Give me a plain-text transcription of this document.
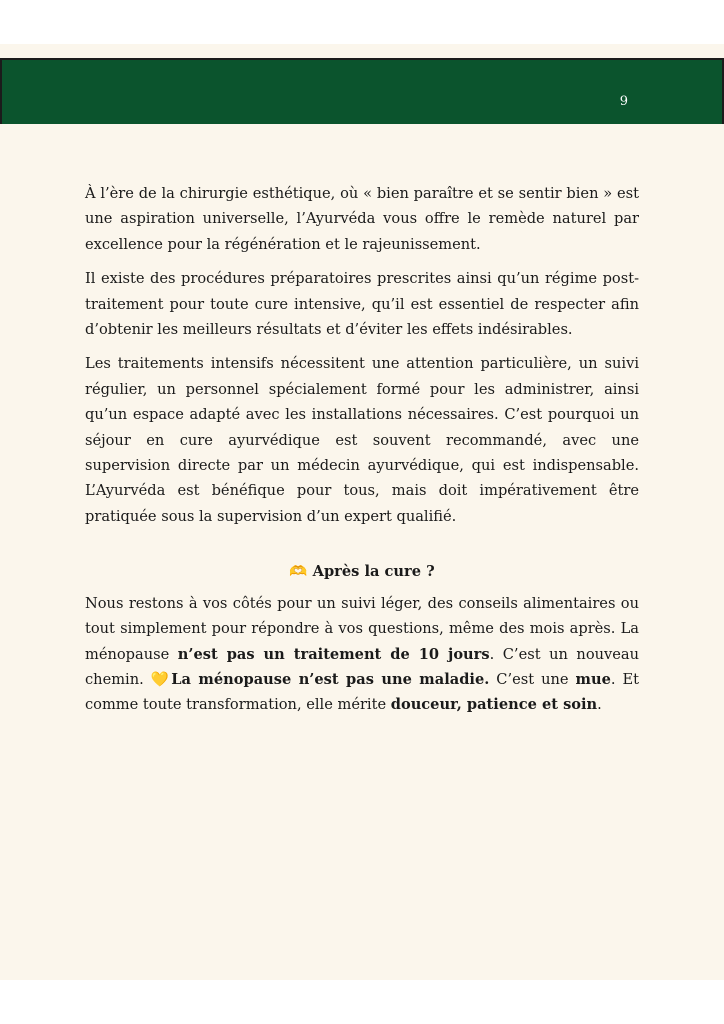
9

À l’ère de la chirurgie esthétique, où « bien paraître et se sentir bien » est une aspiration universelle, l’Ayurvéda vous offre le remède naturel par excellence pour la régénération et le rajeunissement.

Il existe des procédures préparatoires prescrites ainsi qu’un régime post-traitement pour toute cure intensive, qu’il est essentiel de respecter afin d’obtenir les meilleurs résultats et d’éviter les effets indésirables.

Les traitements intensifs nécessitent une attention particulière, un suivi régulier, un personnel spécialement formé pour les administrer, ainsi qu’un espace adapté avec les installations nécessaires. C’est pourquoi un séjour en cure ayurvédique est souvent recommandé, avec une supervision directe par un médecin ayurvédique, qui est indispensable. L’Ayurvéda est bénéfique pour tous, mais doit impérativement être pratiquée sous la supervision d’un expert qualifié.

🫶 Après la cure ?

Nous restons à vos côtés pour un suivi léger, des conseils alimentaires ou tout simplement pour répondre à vos questions, même des mois après. La ménopause n’est pas un traitement de 10 jours. C’est un nouveau chemin. 💛La ménopause n’est pas une maladie. C’est une mue. Et comme toute transformation, elle mérite douceur, patience et soin.
